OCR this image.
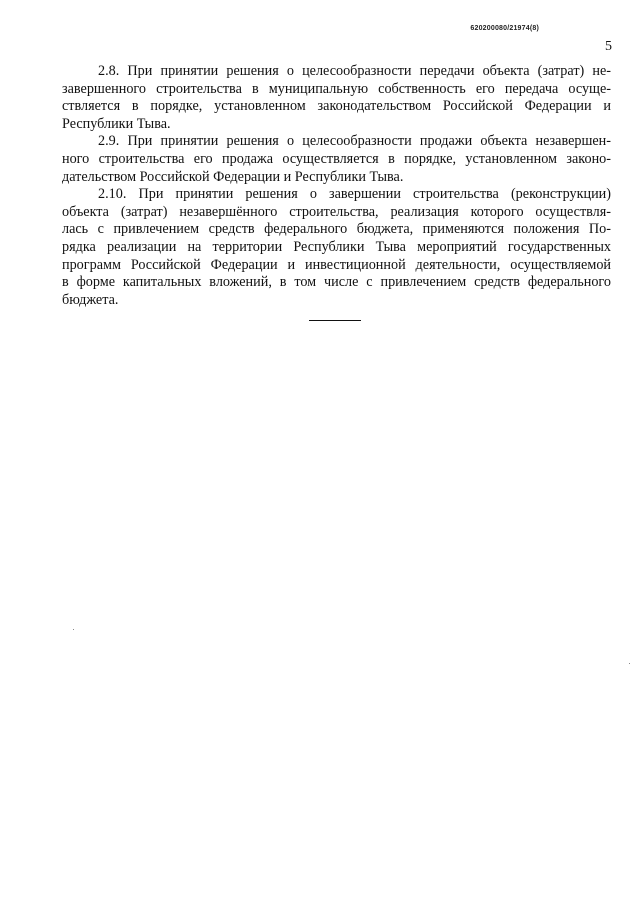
620200080/21974(8)
5

2.8. При принятии решения о целесообразности передачи объекта (затрат) не-
завершенного строительства в муниципальную собственность его передача осуще-
ствляется в порядке, установленном законодательством Российской Федерации и
Республики Тыва.

2.9. При принятии решения о целесообразности продажи объекта незавершен-
ного строительства его продажа осуществляется в порядке, установленном законо-
дательством Российской Федерации и Республики Тыва.

2.10. При принятии решения о завершении строительства (реконструкции)
объекта (затрат) незавершённого строительства, реализация которого осуществля-
лась с привлечением средств федерального бюджета, применяются положения По-
рядка реализации на территории Республики Тыва мероприятий государственных
программ Российской Федерации и инвестиционной деятельности, осуществляемой
в форме капитальных вложений, в том числе с привлечением средств федерального
бюджета.
